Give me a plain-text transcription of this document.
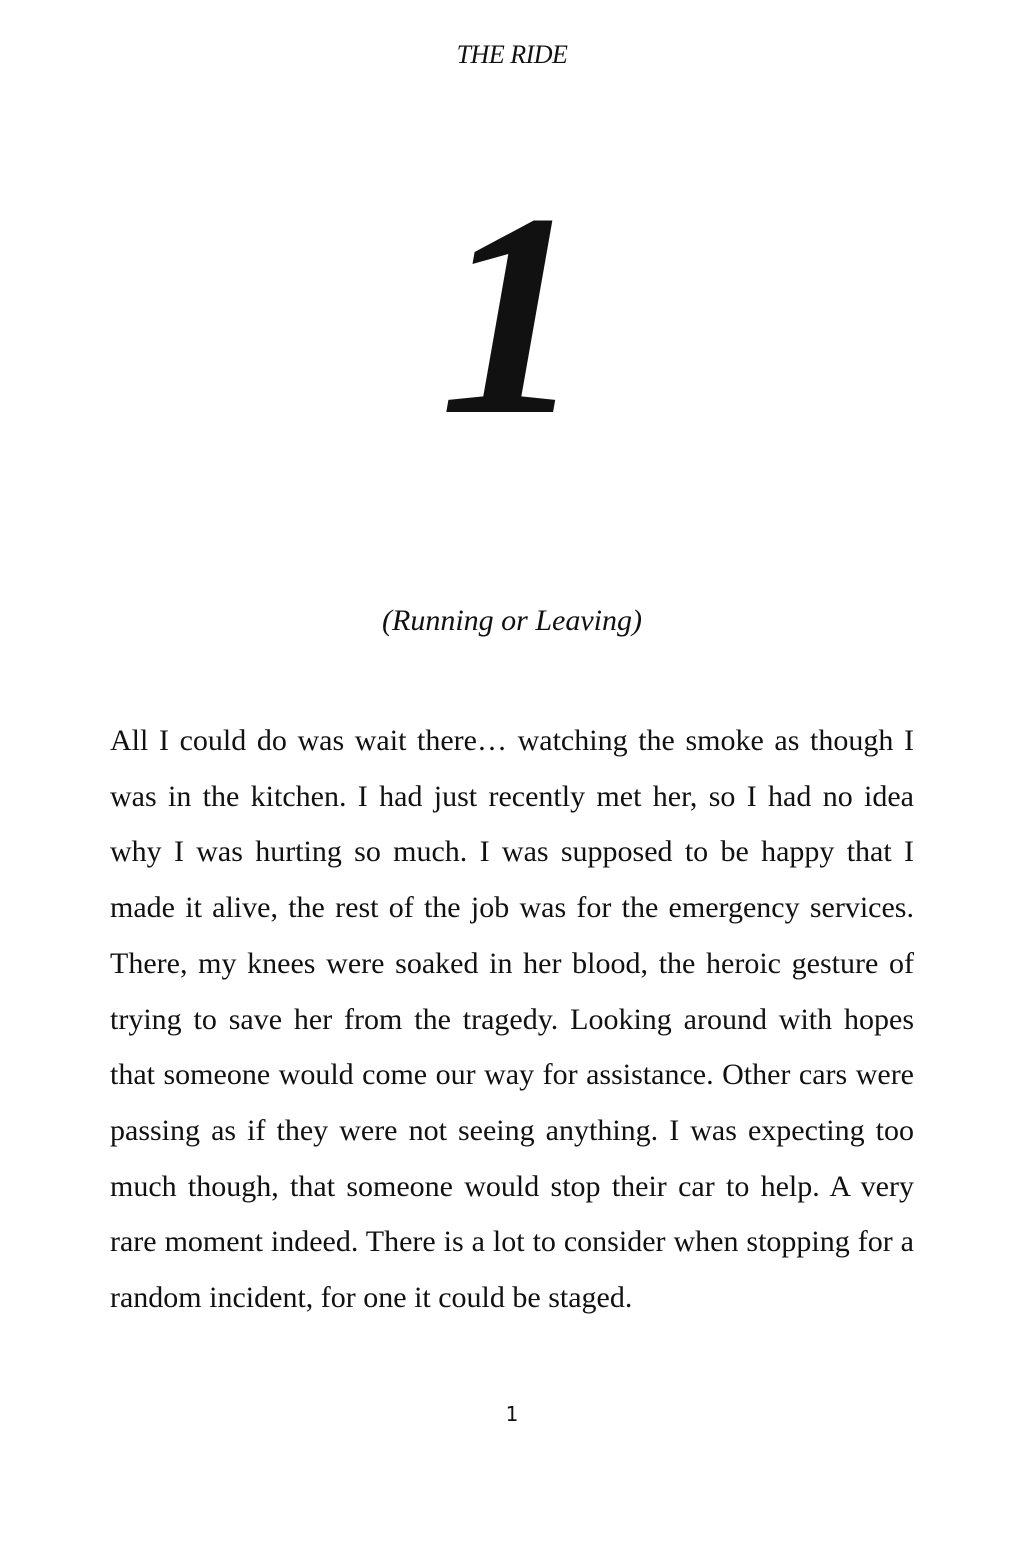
THE RIDE
1
(Running or Leaving)

All I could do was wait there… watching the smoke as though I was in the kitchen. I had just recently met her, so I had no idea why I was hurting so much. I was supposed to be happy that I made it alive, the rest of the job was for the emergency services. There, my knees were soaked in her blood, the heroic gesture of trying to save her from the tragedy. Looking around with hopes that someone would come our way for assistance. Other cars were passing as if they were not seeing anything. I was expecting too much though, that someone would stop their car to help. A very rare moment indeed. There is a lot to consider when stopping for a random incident, for one it could be staged.

1
